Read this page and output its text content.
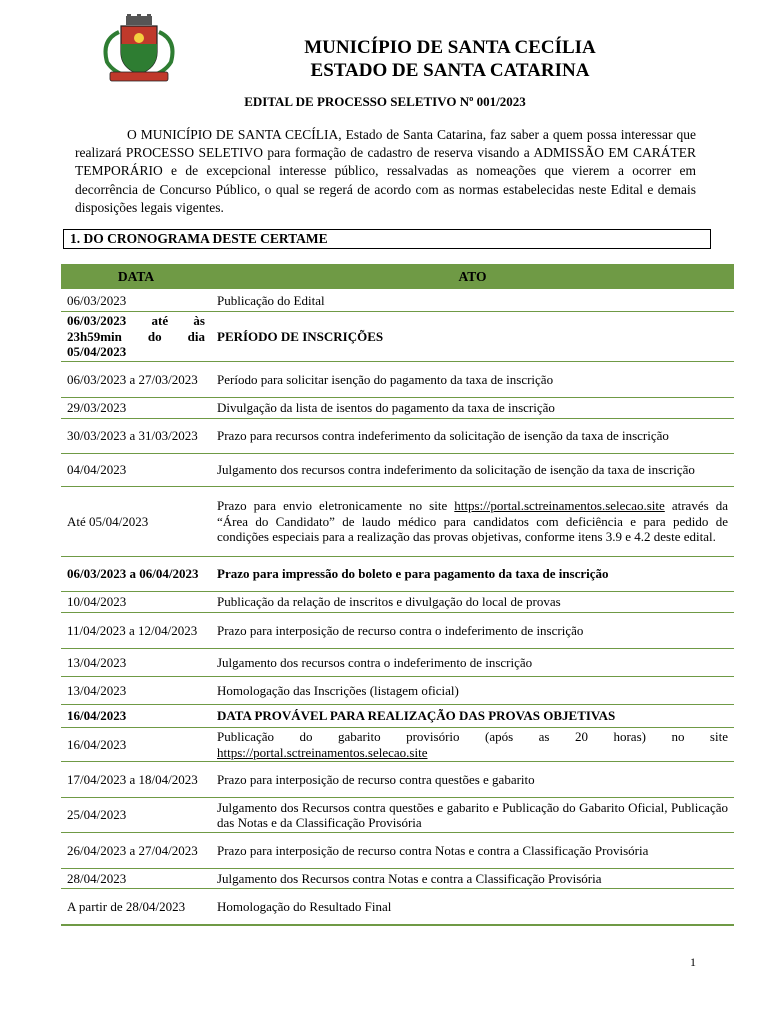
MUNICÍPIO DE SANTA CECÍLIA
ESTADO DE SANTA CATARINA
EDITAL DE PROCESSO SELETIVO Nº 001/2023

O MUNICÍPIO DE SANTA CECÍLIA, Estado de Santa Catarina, faz saber a quem possa interessar que realizará PROCESSO SELETIVO para formação de cadastro de reserva visando a ADMISSÃO EM CARÁTER TEMPORÁRIO e de excepcional interesse público, ressalvadas as nomeações que vierem a ocorrer em decorrência de Concurso Público, o qual se regerá de acordo com as normas estabelecidas neste Edital e demais disposições legais vigentes.

1. DO CRONOGRAMA DESTE CERTAME
DATA	ATO
06/03/2023	Publicação do Edital
06/03/2023 até às 23h59min do dia 05/04/2023	PERÍODO DE INSCRIÇÕES
06/03/2023 a 27/03/2023	Período para solicitar isenção do pagamento da taxa de inscrição
29/03/2023	Divulgação da lista de isentos do pagamento da taxa de inscrição
30/03/2023 a 31/03/2023	Prazo para recursos contra indeferimento da solicitação de isenção da taxa de inscrição
04/04/2023	Julgamento dos recursos contra indeferimento da solicitação de isenção da taxa de inscrição
Até 05/04/2023	Prazo para envio eletronicamente no site https://portal.sctreinamentos.selecao.site através da “Área do Candidato” de laudo médico para candidatos com deficiência e para pedido de condições especiais para a realização das provas objetivas, conforme itens 3.9 e 4.2 deste edital.
06/03/2023 a 06/04/2023	Prazo para impressão do boleto e para pagamento da taxa de inscrição
10/04/2023	Publicação da relação de inscritos e divulgação do local de provas
11/04/2023 a 12/04/2023	Prazo para interposição de recurso contra o indeferimento de inscrição
13/04/2023	Julgamento dos recursos contra o indeferimento de inscrição
13/04/2023	Homologação das Inscrições (listagem oficial)
16/04/2023	DATA PROVÁVEL PARA REALIZAÇÃO DAS PROVAS OBJETIVAS
16/04/2023	Publicação do gabarito provisório (após as 20 horas) no site https://portal.sctreinamentos.selecao.site
17/04/2023 a 18/04/2023	Prazo para interposição de recurso contra questões e gabarito
25/04/2023	Julgamento dos Recursos contra questões e gabarito e Publicação do Gabarito Oficial, Publicação das Notas e da Classificação Provisória
26/04/2023 a 27/04/2023	Prazo para interposição de recurso contra Notas e contra a Classificação Provisória
28/04/2023	Julgamento dos Recursos contra Notas e contra a Classificação Provisória
A partir de 28/04/2023	Homologação do Resultado Final
1
